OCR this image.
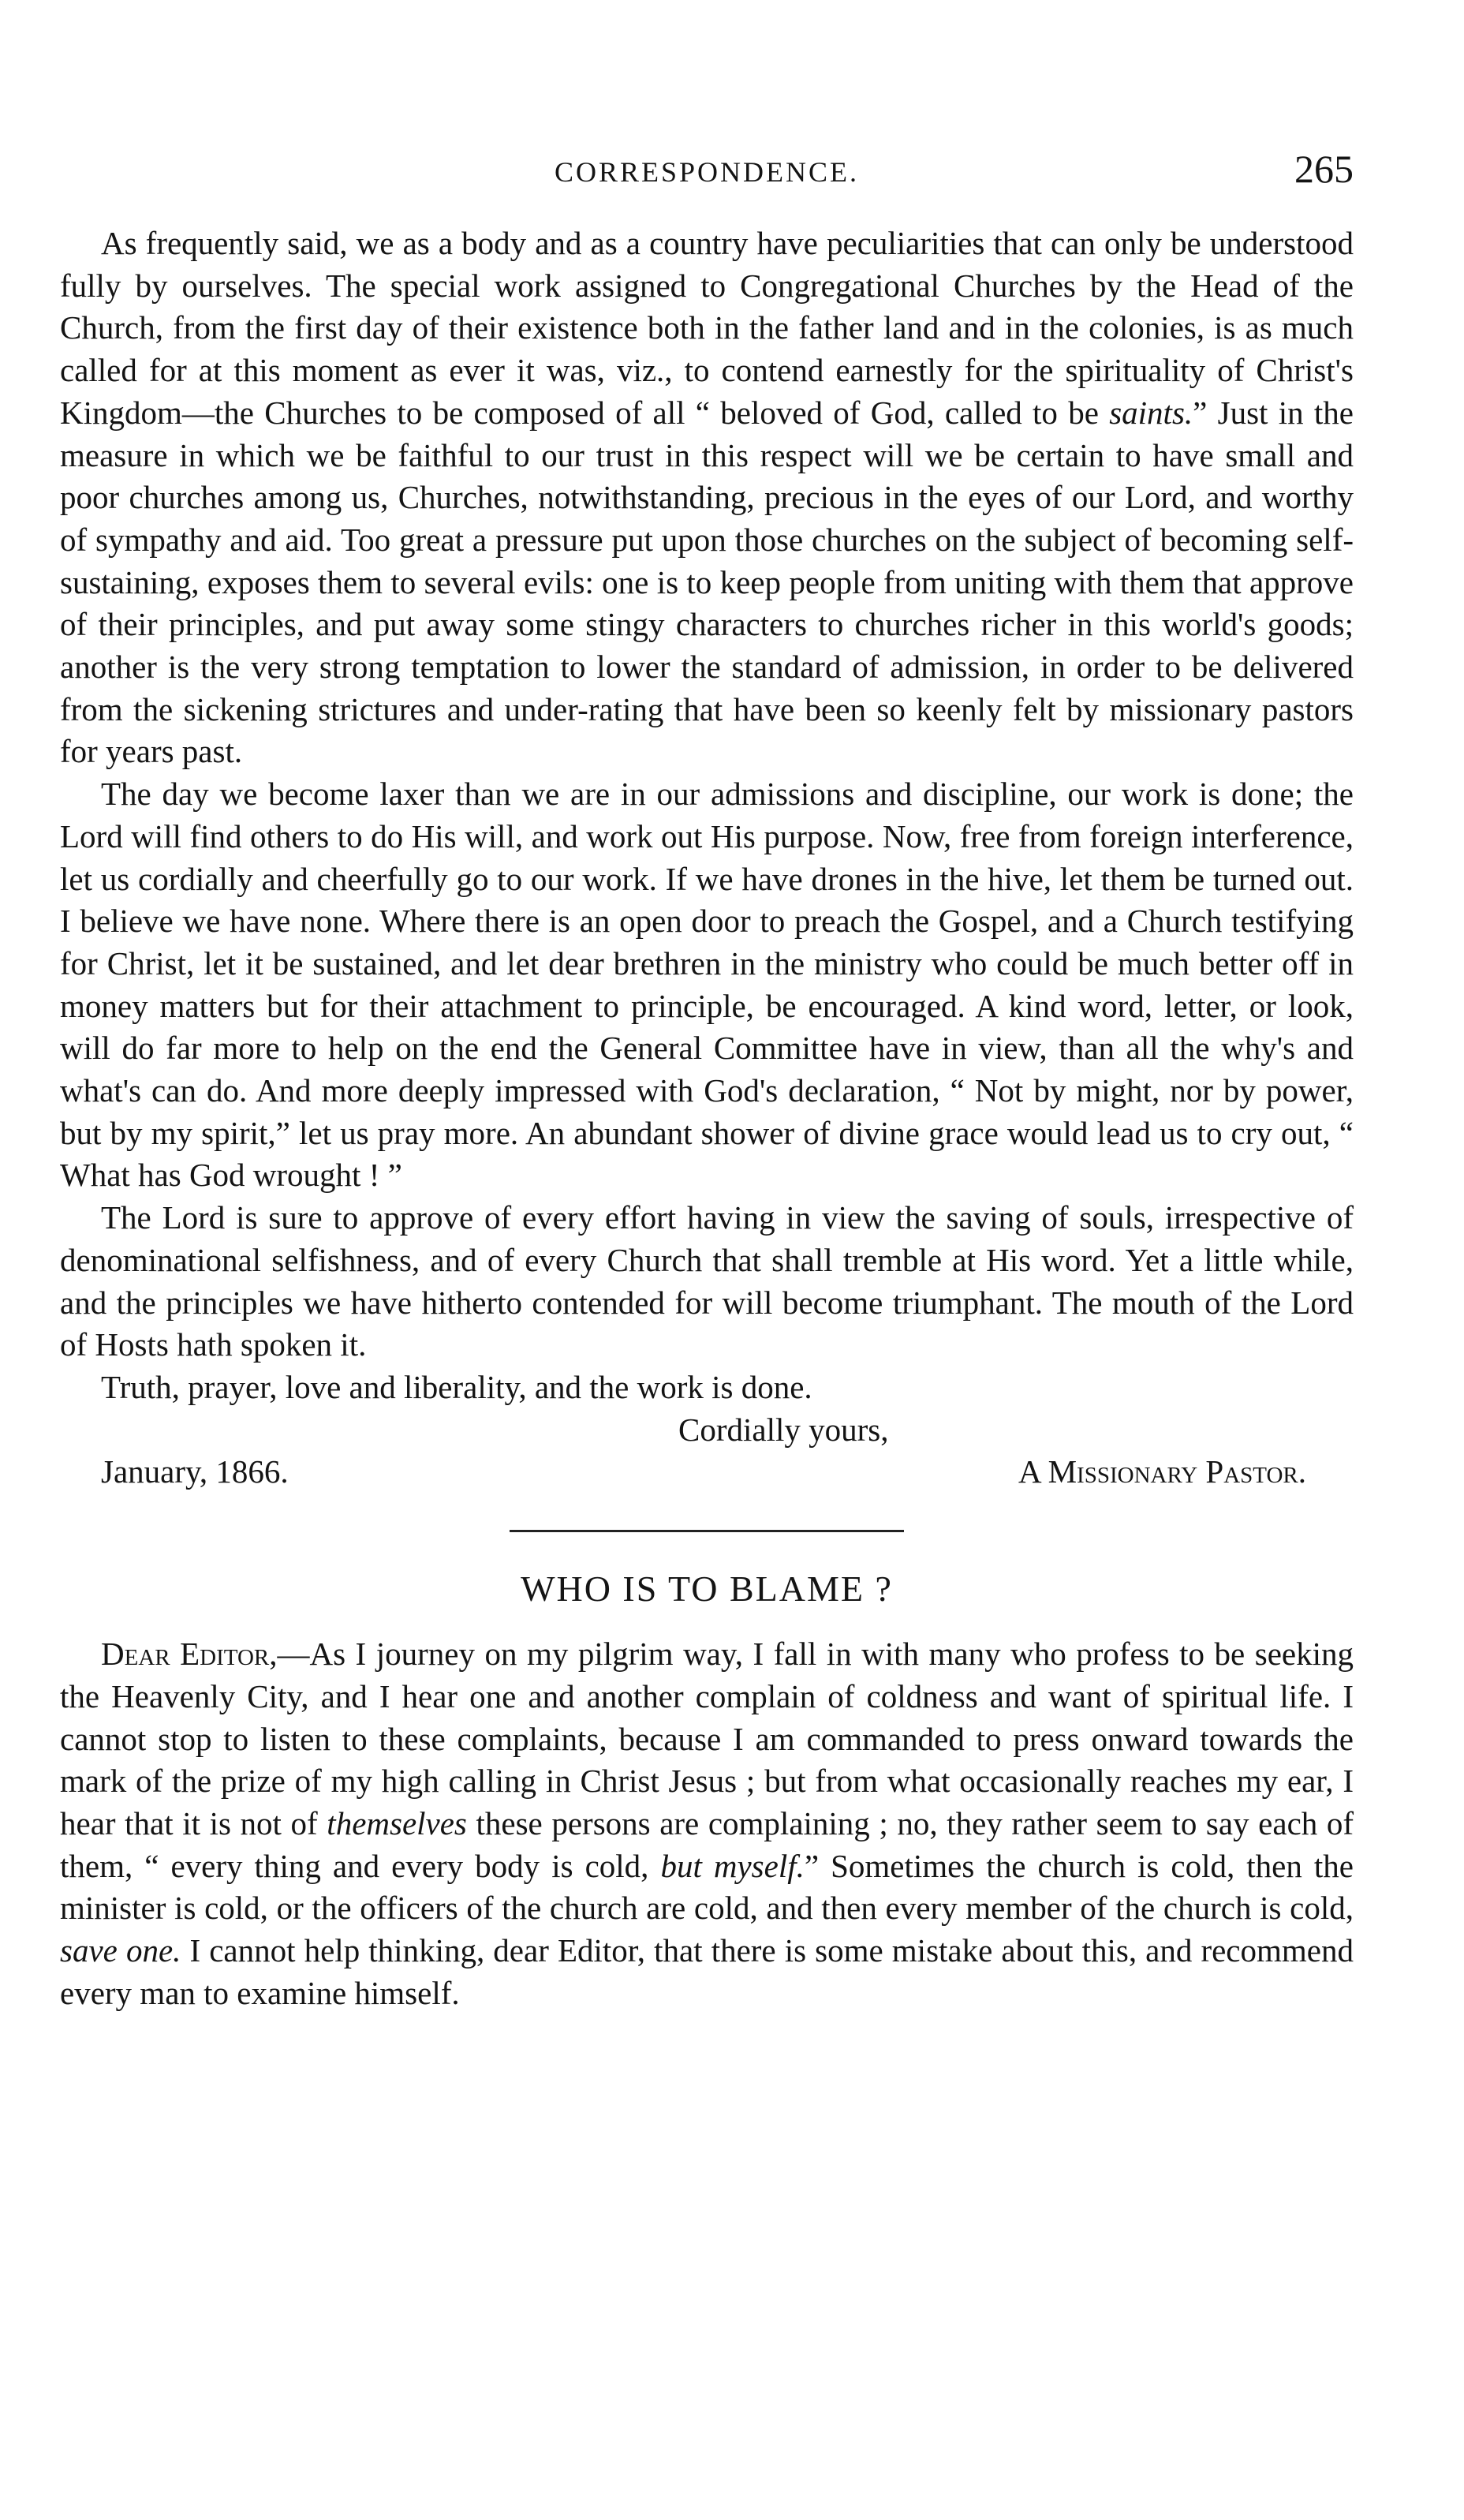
CORRESPONDENCE.	265

As frequently said, we as a body and as a country have peculiarities that can only be understood fully by ourselves. The special work assigned to Congregational Churches by the Head of the Church, from the first day of their existence both in the father land and in the colonies, is as much called for at this moment as ever it was, viz., to contend earnestly for the spirituality of Christ's Kingdom—the Churches to be composed of all “ beloved of God, called to be saints.” Just in the measure in which we be faithful to our trust in this respect will we be certain to have small and poor churches among us, Churches, notwithstanding, precious in the eyes of our Lord, and worthy of sympathy and aid. Too great a pressure put upon those churches on the subject of becoming self-sustaining, exposes them to several evils: one is to keep people from uniting with them that approve of their principles, and put away some stingy characters to churches richer in this world's goods; another is the very strong temptation to lower the standard of admission, in order to be delivered from the sickening strictures and under-rating that have been so keenly felt by missionary pastors for years past.

The day we become laxer than we are in our admissions and discipline, our work is done; the Lord will find others to do His will, and work out His purpose. Now, free from foreign interference, let us cordially and cheerfully go to our work. If we have drones in the hive, let them be turned out. I believe we have none. Where there is an open door to preach the Gospel, and a Church testifying for Christ, let it be sustained, and let dear brethren in the ministry who could be much better off in money matters but for their attachment to principle, be encouraged. A kind word, letter, or look, will do far more to help on the end the General Committee have in view, than all the why's and what's can do. And more deeply impressed with God's declaration, “ Not by might, nor by power, but by my spirit,” let us pray more. An abundant shower of divine grace would lead us to cry out, “ What has God wrought ! ”

The Lord is sure to approve of every effort having in view the saving of souls, irrespective of denominational selfishness, and of every Church that shall tremble at His word. Yet a little while, and the principles we have hitherto contended for will become triumphant. The mouth of the Lord of Hosts hath spoken it.

Truth, prayer, love and liberality, and the work is done.
Cordially yours,
January, 1866.	A Missionary Pastor.
WHO IS TO BLAME ?

Dear Editor,—As I journey on my pilgrim way, I fall in with many who profess to be seeking the Heavenly City, and I hear one and another complain of coldness and want of spiritual life. I cannot stop to listen to these complaints, because I am commanded to press onward towards the mark of the prize of my high calling in Christ Jesus ; but from what occasionally reaches my ear, I hear that it is not of themselves these persons are complaining ; no, they rather seem to say each of them, “ every thing and every body is cold, but myself.” Sometimes the church is cold, then the minister is cold, or the officers of the church are cold, and then every member of the church is cold, save one. I cannot help thinking, dear Editor, that there is some mistake about this, and recommend every man to examine himself.
